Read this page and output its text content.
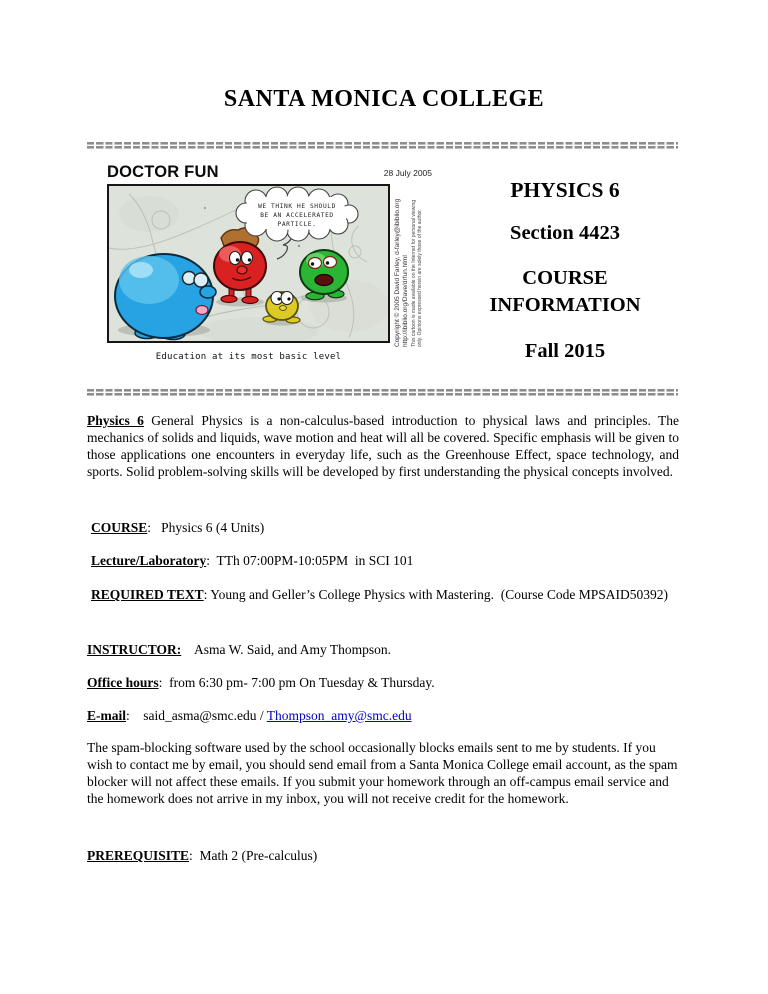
SANTA MONICA COLLEGE
DOCTOR FUN	28 July 2005
WE THINK HE SHOULD
BE AN ACCELERATED
PARTICLE.	Copyright © 2005 David Farley, d-farley@ibiblio.org
http://ibiblio.org/Dave/drfun.html This cartoon is made available on the Internet for personal viewing
only. Opinions expressed herein are solely those of the author.
Education at its most basic level
PHYSICS 6
Section 4423
COURSE
INFORMATION
Fall 2015

Physics 6 General Physics is a non-calculus-based introduction to physical laws and principles. The mechanics of solids and liquids, wave motion and heat will all be covered. Specific emphasis will be given to those applications one encounters in everyday life, such as the Greenhouse Effect, space technology, and sports. Solid problem-solving skills will be developed by first understanding the physical concepts involved.

COURSE:   Physics 6 (4 Units)

Lecture/Laboratory:  TTh 07:00PM-10:05PM  in SCI 101

REQUIRED TEXT: Young and Geller’s College Physics with Mastering.  (Course Code MPSAID50392)

INSTRUCTOR:    Asma W. Said, and Amy Thompson.

Office hours:  from 6:30 pm- 7:00 pm On Tuesday & Thursday.

E-mail:    said_asma@smc.edu / Thompson_amy@smc.edu

The spam-blocking software used by the school occasionally blocks emails sent to me by students. If you wish to contact me by email, you should send email from a Santa Monica College email account, as the spam blocker will not affect these emails. If you submit your homework through an off-campus email service and the homework does not arrive in my inbox, you will not receive credit for the homework.

PREREQUISITE:  Math 2 (Pre-calculus)
